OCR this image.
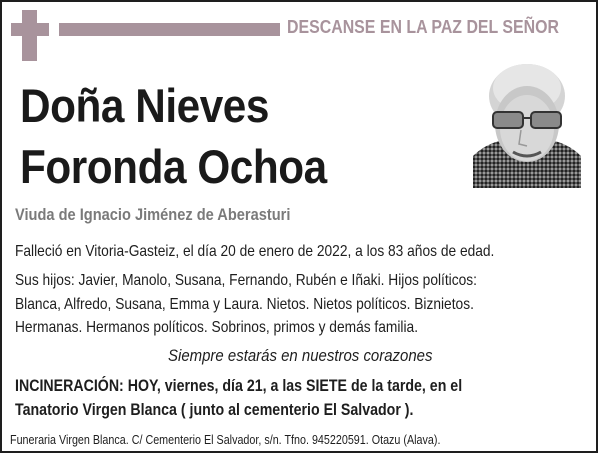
DESCANSE EN LA PAZ DEL SEÑOR
Doña Nieves
Foronda Ochoa
Viuda de Ignacio Jiménez de Aberasturi
Falleció en Vitoria-Gasteiz, el día 20 de enero de 2022, a los 83 años de edad.
Sus hijos: Javier, Manolo, Susana, Fernando, Rubén e Iñaki. Hijos políticos:
Blanca, Alfredo, Susana, Emma y Laura. Nietos. Nietos políticos. Biznietos.
Hermanas. Hermanos políticos. Sobrinos, primos y demás familia.
Siempre estarás en nuestros corazones
INCINERACIÓN: HOY, viernes, día 21, a las SIETE de la tarde, en el
Tanatorio Virgen Blanca ( junto al cementerio El Salvador ).
Funeraria Virgen Blanca. C/ Cementerio El Salvador, s/n. Tfno. 945220591. Otazu (Alava).
